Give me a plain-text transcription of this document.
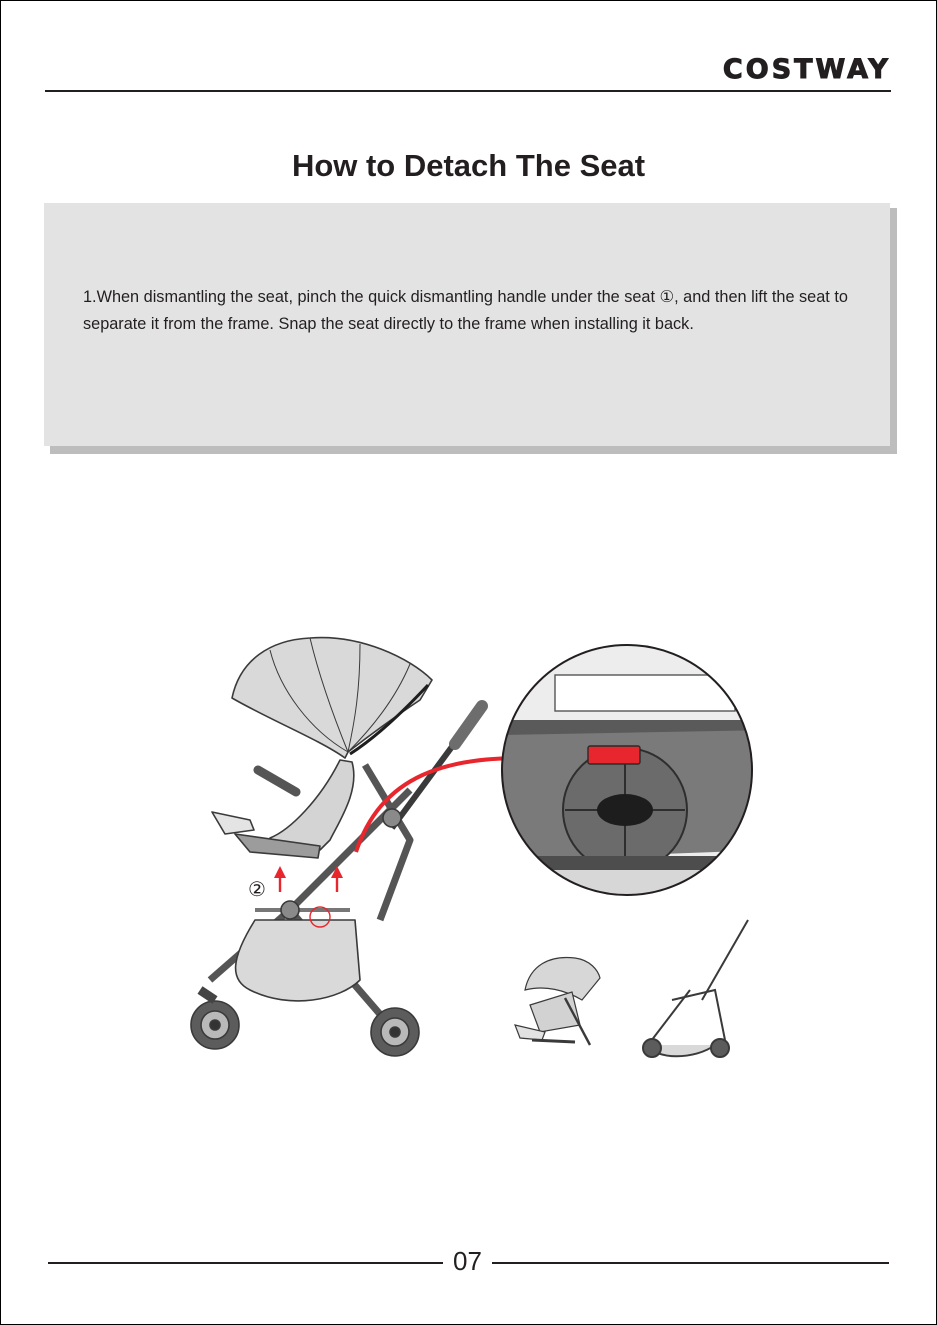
COSTWAY
How to Detach The Seat

1.When dismantling the seat, pinch the quick dismantling handle under the seat ①, and then lift the seat to separate it from the frame. Snap the seat directly to the frame when installing it back.

②
07
